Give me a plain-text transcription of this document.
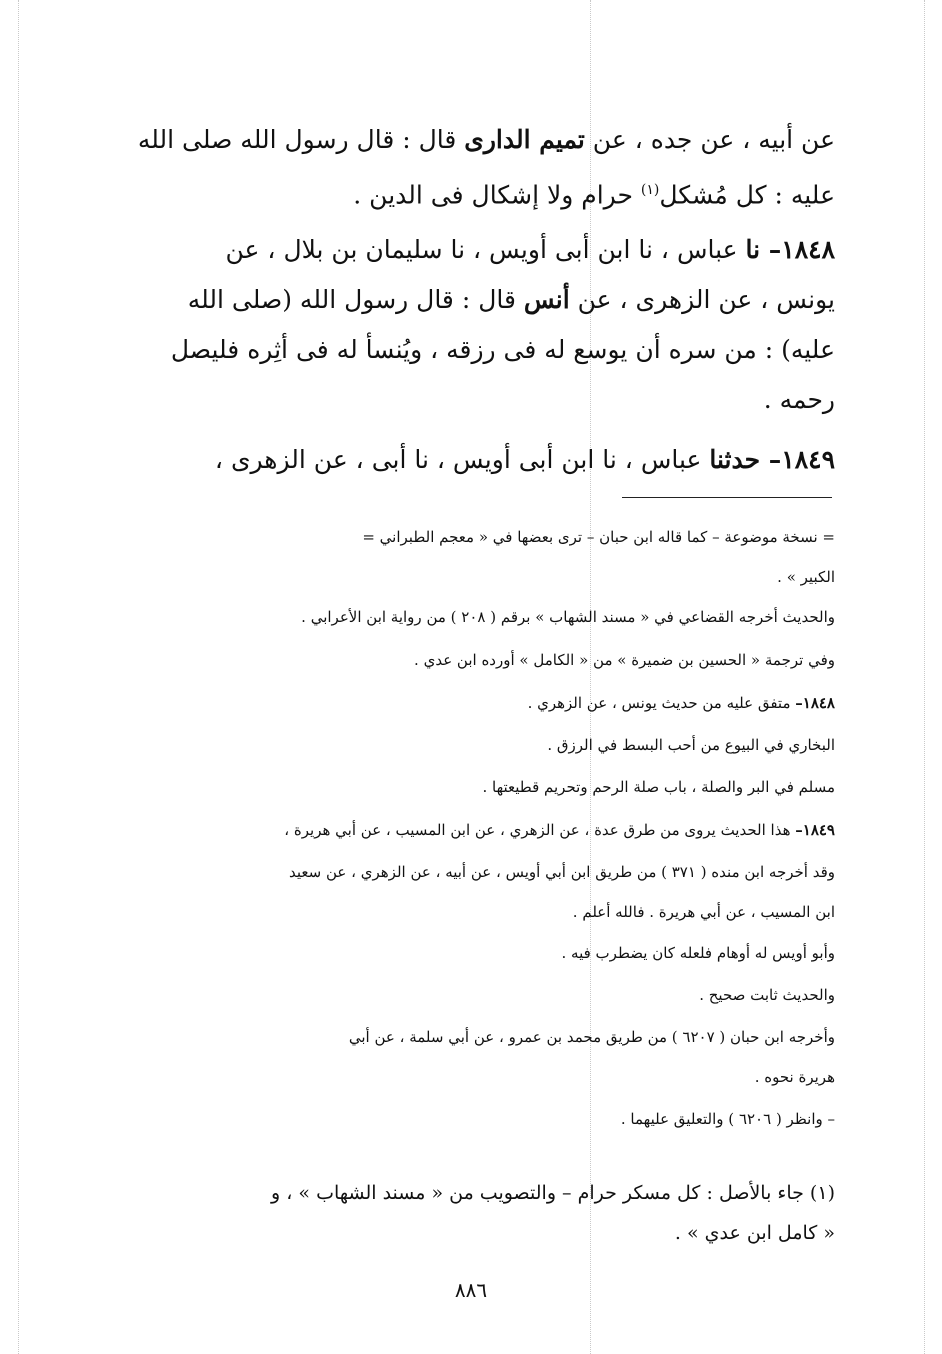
عن أبيه ، عن جده ، عن تميم الدارى قال : قال رسول الله صلى الله
عليه : كل مُشكل$^{(١)}$ حرام ولا إشكال فى الدين .
١٨٤٨– نا عباس ، نا ابن أبى أويس ، نا سليمان بن بلال ، عن
يونس ، عن الزهرى ، عن أنس قال : قال رسول الله (صلى الله
عليه) : من سره أن يوسع له فى رزقه ، ويُنسأ له فى أثِره فليصل
رحمه .
١٨٤٩– حدثنا عباس ، نا ابن أبى أويس ، نا أبى ، عن الزهرى ،
= نسخة موضوعة – كما قاله ابن حبان – ترى بعضها في « معجم الطبراني =
الكبير » .
والحديث أخرجه القضاعي في « مسند الشهاب » برقم ( ٢٠٨ ) من رواية ابن الأعرابي .
وفي ترجمة « الحسين بن ضميرة » من « الكامل » أورده ابن عدي .
١٨٤٨– متفق عليه من حديث يونس ، عن الزهري .
البخاري في البيوع من أحب البسط في الرزق .
مسلم في البر والصلة ، باب صلة الرحم وتحريم قطيعتها .
١٨٤٩– هذا الحديث يروى من طرق عدة ، عن الزهري ، عن ابن المسيب ، عن أبي هريرة ،
وقد أخرجه ابن منده ( ٣٧١ ) من طريق ابن أبي أويس ، عن أبيه ، عن الزهري ، عن سعيد
ابن المسيب ، عن أبي هريرة . فالله أعلم .
وأبو أويس له أوهام فلعله كان يضطرب فيه .
والحديث ثابت صحيح .
وأخرجه ابن حبان ( ٦٢٠٧ ) من طريق محمد بن عمرو ، عن أبي سلمة ، عن أبي
هريرة نحوه .
– وانظر ( ٦٢٠٦ ) والتعليق عليهما .
(١) جاء بالأصل : كل مسكر حرام – والتصويب من « مسند الشهاب » ، و
« كامل ابن عدي » .
٨٨٦
